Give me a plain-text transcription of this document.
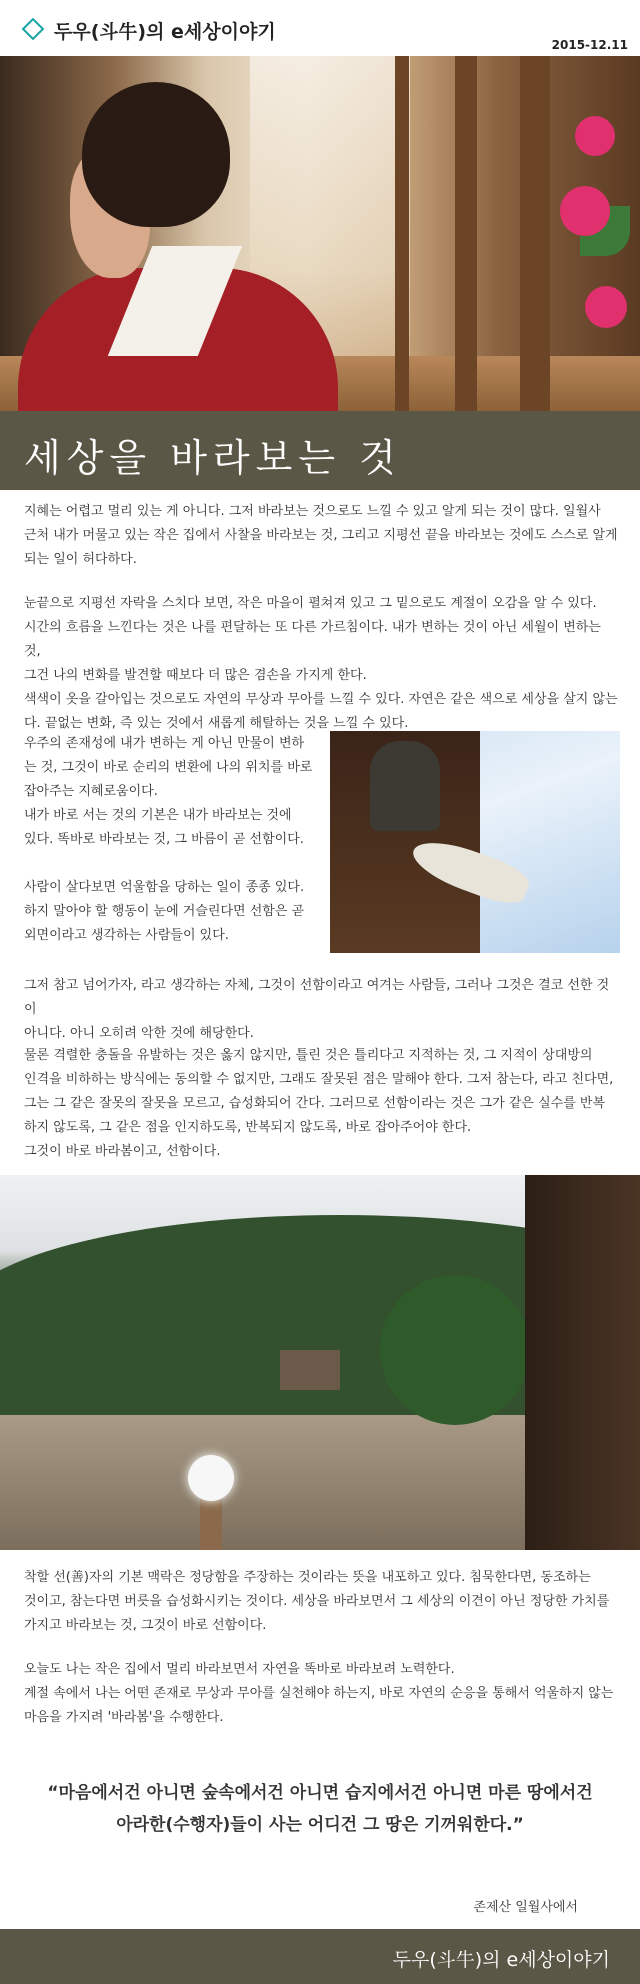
두우(斗牛)의 e세상이야기
2015-12.11
세상을 바라보는 것

지혜는 어렵고 멀리 있는 게 아니다. 그저 바라보는 것으로도 느낄 수 있고 알게 되는 것이 많다. 일월사
근처 내가 머물고 있는 작은 집에서 사찰을 바라보는 것, 그리고 지평선 끝을 바라보는 것에도 스스로 알게
되는 일이 허다하다.

눈끝으로 지평선 자락을 스치다 보면, 작은 마을이 펼쳐져 있고 그 밑으로도 계절이 오감을 알 수 있다.
시간의 흐름을 느낀다는 것은 나를 편달하는 또 다른 가르침이다. 내가 변하는 것이 아닌 세월이 변하는 것,
그건 나의 변화를 발견할 때보다 더 많은 겸손을 가지게 한다.
색색이 옷을 갈아입는 것으로도 자연의 무상과 무아를 느낄 수 있다. 자연은 같은 색으로 세상을 살지 않는
다. 끝없는 변화, 즉 있는 것에서 새롭게 해탈하는 것을 느낄 수 있다.

우주의 존재성에 내가 변하는 게 아닌 만물이 변하
는 것, 그것이 바로 순리의 변환에 나의 위치를 바로
잡아주는 지혜로움이다.
내가 바로 서는 것의 기본은 내가 바라보는 것에
있다. 똑바로 바라보는 것, 그 바름이 곧 선함이다.

사람이 살다보면 억울함을 당하는 일이 종종 있다.
하지 말아야 할 행동이 눈에 거슬린다면 선함은 곧
외면이라고 생각하는 사람들이 있다.

그저 참고 넘어가자, 라고 생각하는 자체, 그것이 선함이라고 여겨는 사람들, 그러나 그것은 결코 선한 것이
아니다. 아니 오히려 악한 것에 해당한다.

물론 격렬한 충돌을 유발하는 것은 옳지 않지만, 틀린 것은 틀리다고 지적하는 것, 그 지적이 상대방의
인격을 비하하는 방식에는 동의할 수 없지만, 그래도 잘못된 점은 말해야 한다. 그저 참는다, 라고 친다면,
그는 그 같은 잘못의 잘못을 모르고, 습성화되어 간다. 그러므로 선함이라는 것은 그가 같은 실수를 반복
하지 않도록, 그 같은 점을 인지하도록, 반복되지 않도록, 바로 잡아주어야 한다.
그것이 바로 바라봄이고, 선함이다.

착할 선(善)자의 기본 맥락은 정당함을 주장하는 것이라는 뜻을 내포하고 있다. 침묵한다면, 동조하는
것이고, 참는다면 버릇을 습성화시키는 것이다. 세상을 바라보면서 그 세상의 이견이 아닌 정당한 가치를
가지고 바라보는 것, 그것이 바로 선함이다.

오늘도 나는 작은 집에서 멀리 바라보면서 자연을 똑바로 바라보려 노력한다.
계절 속에서 나는 어떤 존재로 무상과 무아를 실천해야 하는지, 바로 자연의 순응을 통해서 억울하지 않는
마음을 가지려 '바라봄'을 수행한다.

“마음에서건 아니면 숲속에서건 아니면 습지에서건 아니면 마른 땅에서건
아라한(수행자)들이 사는 어디건 그 땅은 기꺼워한다.”
존제산 일월사에서
두우(斗牛)의 e세상이야기
